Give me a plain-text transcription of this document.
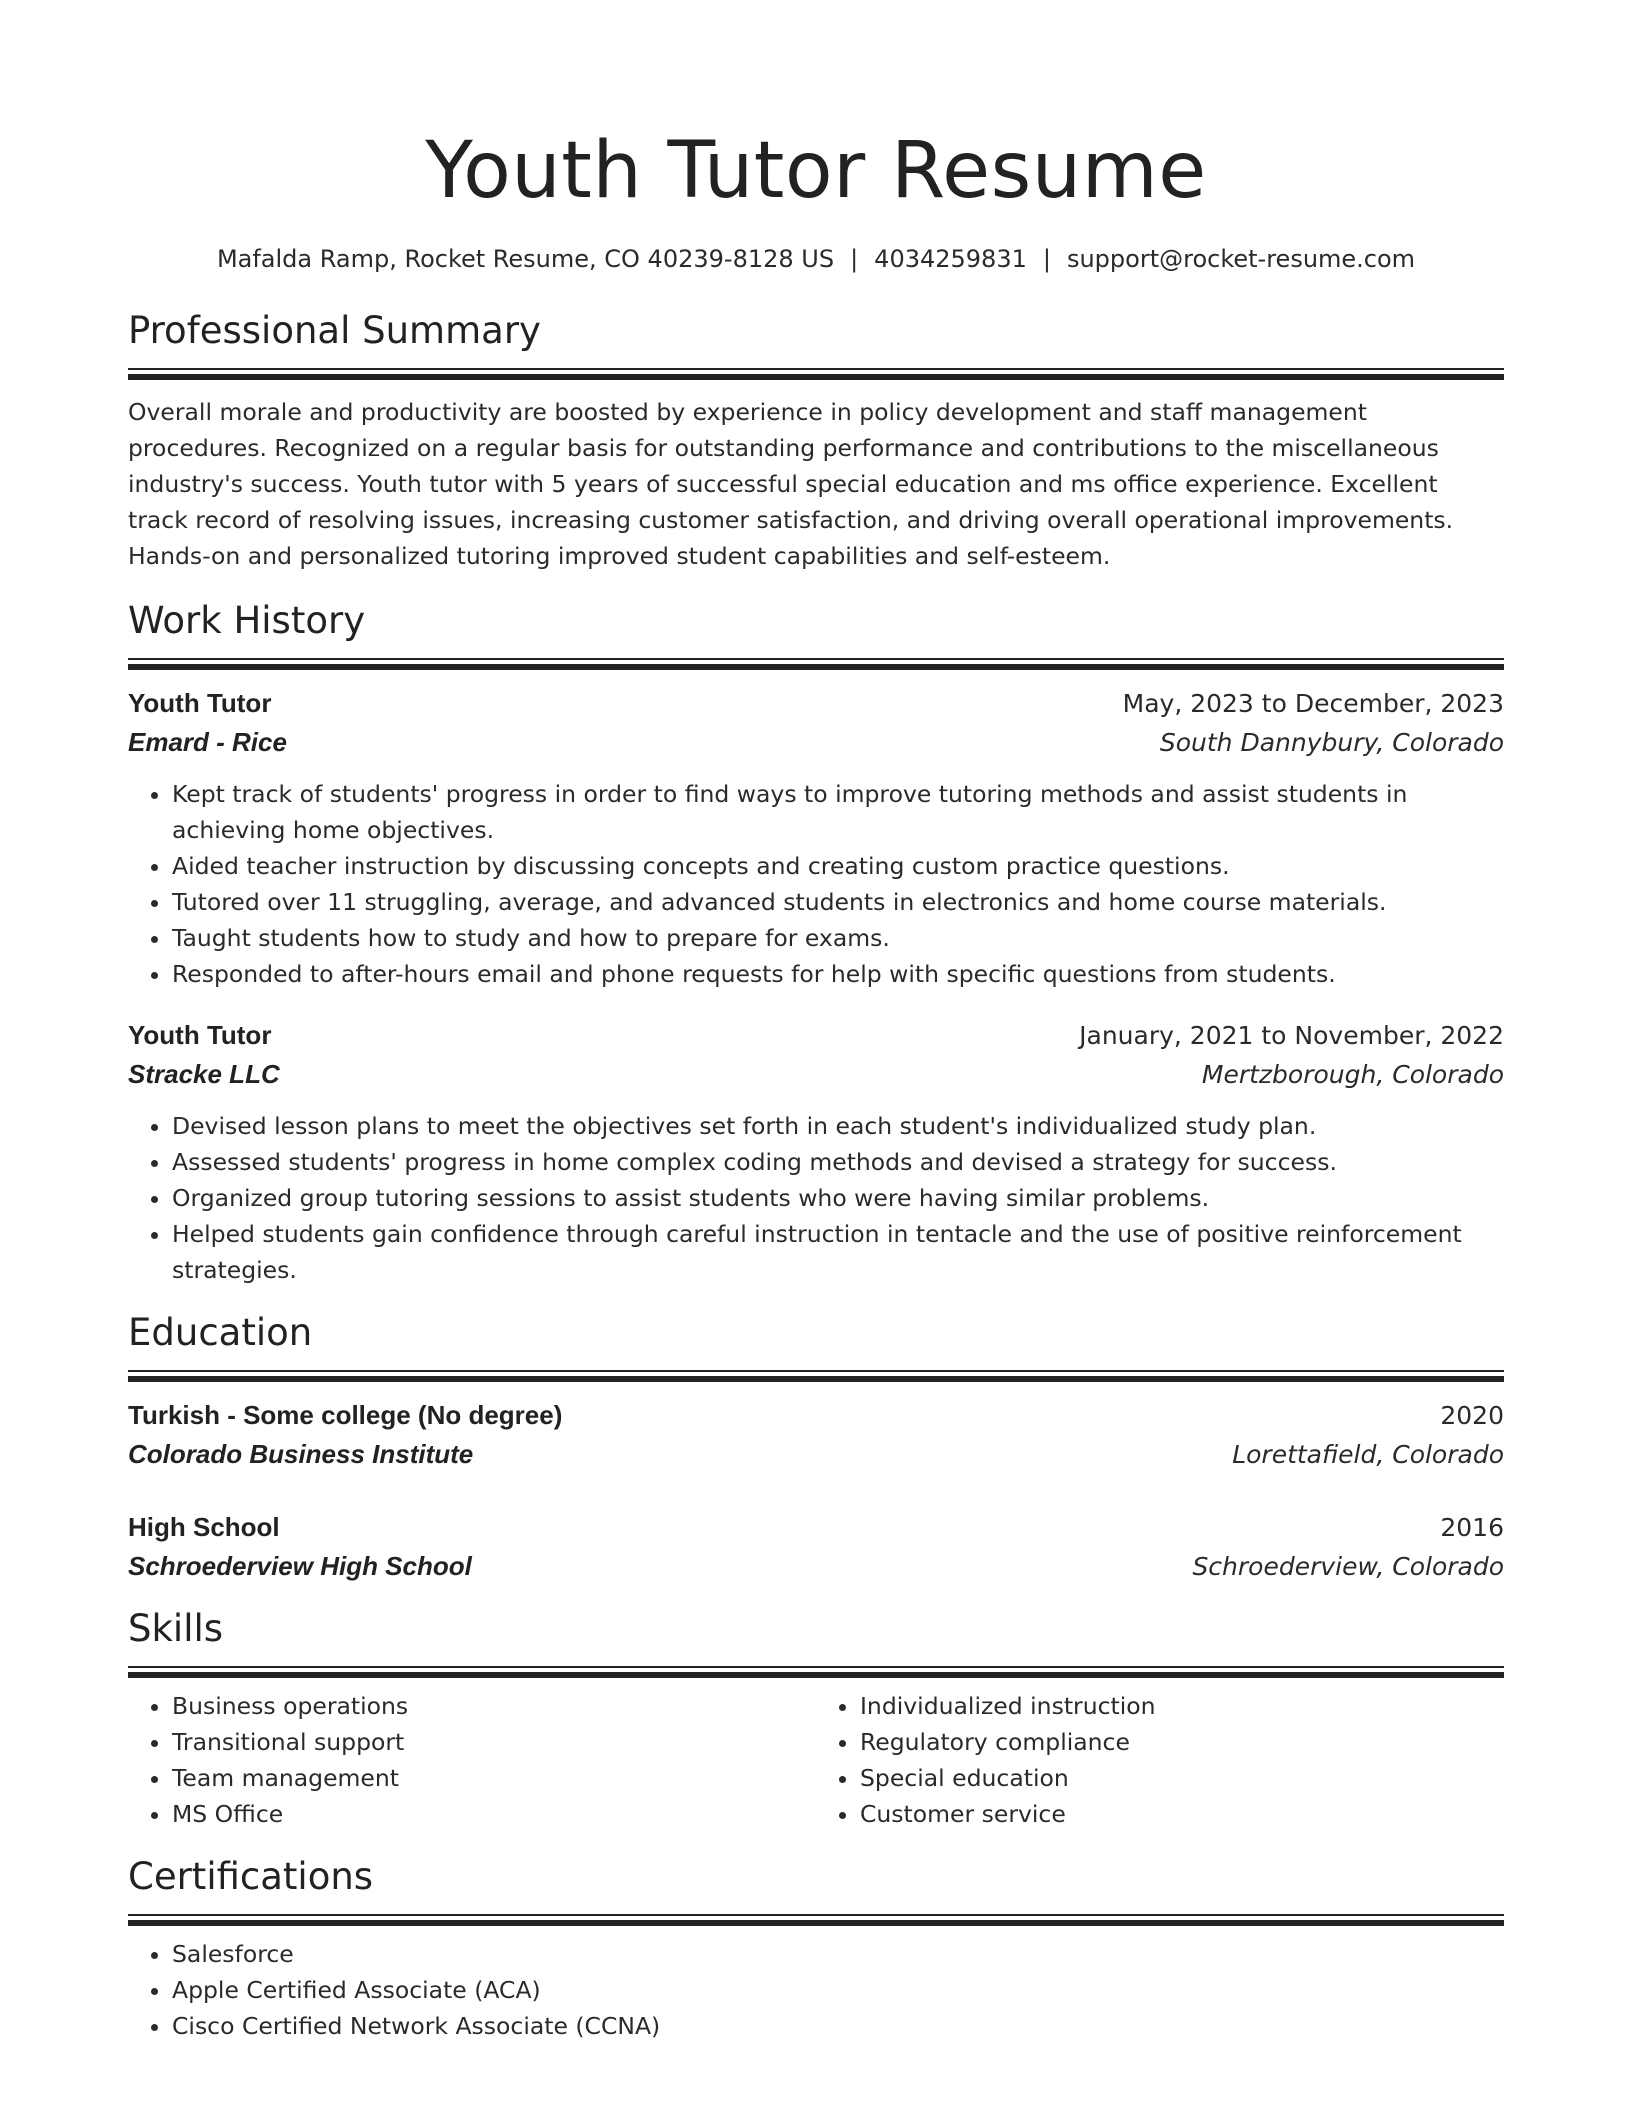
Youth Tutor Resume
Mafalda Ramp, Rocket Resume, CO 40239-8128 US | 4034259831 | support@rocket-resume.com
Professional Summary
Overall morale and productivity are boosted by experience in policy development and staff management procedures. Recognized on a regular basis for outstanding performance and contributions to the miscellaneous industry's success. Youth tutor with 5 years of successful special education and ms office experience. Excellent track record of resolving issues, increasing customer satisfaction, and driving overall operational improvements. Hands-on and personalized tutoring improved student capabilities and self-esteem.
Work History
Youth Tutor	May, 2023 to December, 2023
Emard - Rice	South Dannybury, Colorado
• Kept track of students' progress in order to find ways to improve tutoring methods and assist students in achieving home objectives.
• Aided teacher instruction by discussing concepts and creating custom practice questions.
• Tutored over 11 struggling, average, and advanced students in electronics and home course materials.
• Taught students how to study and how to prepare for exams.
• Responded to after-hours email and phone requests for help with specific questions from students.
Youth Tutor	January, 2021 to November, 2022
Stracke LLC	Mertzborough, Colorado
• Devised lesson plans to meet the objectives set forth in each student's individualized study plan.
• Assessed students' progress in home complex coding methods and devised a strategy for success.
• Organized group tutoring sessions to assist students who were having similar problems.
• Helped students gain confidence through careful instruction in tentacle and the use of positive reinforcement strategies.
Education
Turkish - Some college (No degree)	2020
Colorado Business Institute	Lorettafield, Colorado
High School	2016
Schroederview High School	Schroederview, Colorado
Skills
• Business operations
• Transitional support
• Team management
• MS Office
• Individualized instruction
• Regulatory compliance
• Special education
• Customer service
Certifications
• Salesforce
• Apple Certified Associate (ACA)
• Cisco Certified Network Associate (CCNA)
